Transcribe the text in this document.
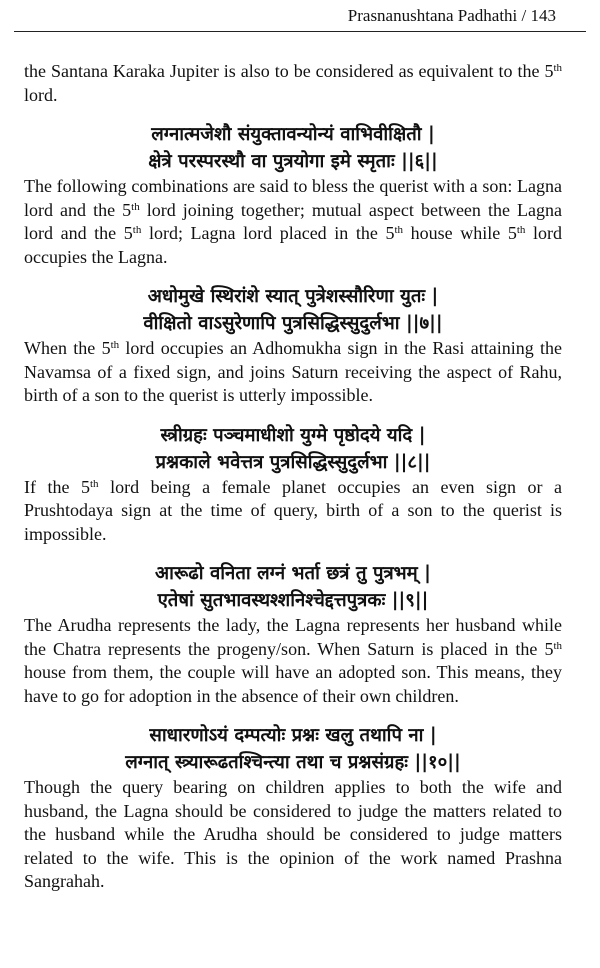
Prasnanushtana Padhathi / 143

the Santana Karaka Jupiter is also to be considered as equivalent to the 5th lord.

लग्नात्मजेशौ संयुक्तावन्योन्यं वाभिवीक्षितौ |

क्षेत्रे परस्परस्थौ वा पुत्रयोगा इमे स्मृताः ||६||

The following combinations are said to bless the querist with a son: Lagna lord and the 5th lord joining together; mutual aspect between the Lagna lord and the 5th lord; Lagna lord placed in the 5th house while 5th lord occupies the Lagna.

अधोमुखे स्थिरांशे स्यात् पुत्रेशस्सौरिणा युतः |

वीक्षितो वाऽसुरेणापि पुत्रसिद्धिस्सुदुर्लभा ||७||

When the 5th lord occupies an Adhomukha sign in the Rasi attaining the Navamsa of a fixed sign, and joins Saturn receiving the aspect of Rahu, birth of a son to the querist is utterly impossible.

स्त्रीग्रहः पञ्चमाधीशो युग्मे पृष्ठोदये यदि |

प्रश्नकाले भवेत्तत्र पुत्रसिद्धिस्सुदुर्लभा ||८||

If the 5th lord being a female planet occupies an even sign or a Prushtodaya sign at the time of query, birth of a son to the querist is impossible.

आरूढो वनिता लग्नं भर्ता छत्रं तु पुत्रभम् |

एतेषां सुतभावस्थश्शनिश्चेद्दत्तपुत्रकः ||९||

The Arudha represents the lady, the Lagna represents her husband while the Chatra represents the progeny/son. When Saturn is placed in the 5th house from them, the couple will have an adopted son. This means, they have to go for adoption in the absence of their own children.

साधारणोऽयं दम्पत्योः प्रश्नः खलु तथापि ना |

लग्नात् स्त्र्यारूढतश्चिन्त्या तथा च प्रश्नसंग्रहः ||१०||

Though the query bearing on children applies to both the wife and husband, the Lagna should be considered to judge the matters related to the husband while the Arudha should be considered to judge matters related to the wife. This is the opinion of the work named Prashna Sangrahah.
